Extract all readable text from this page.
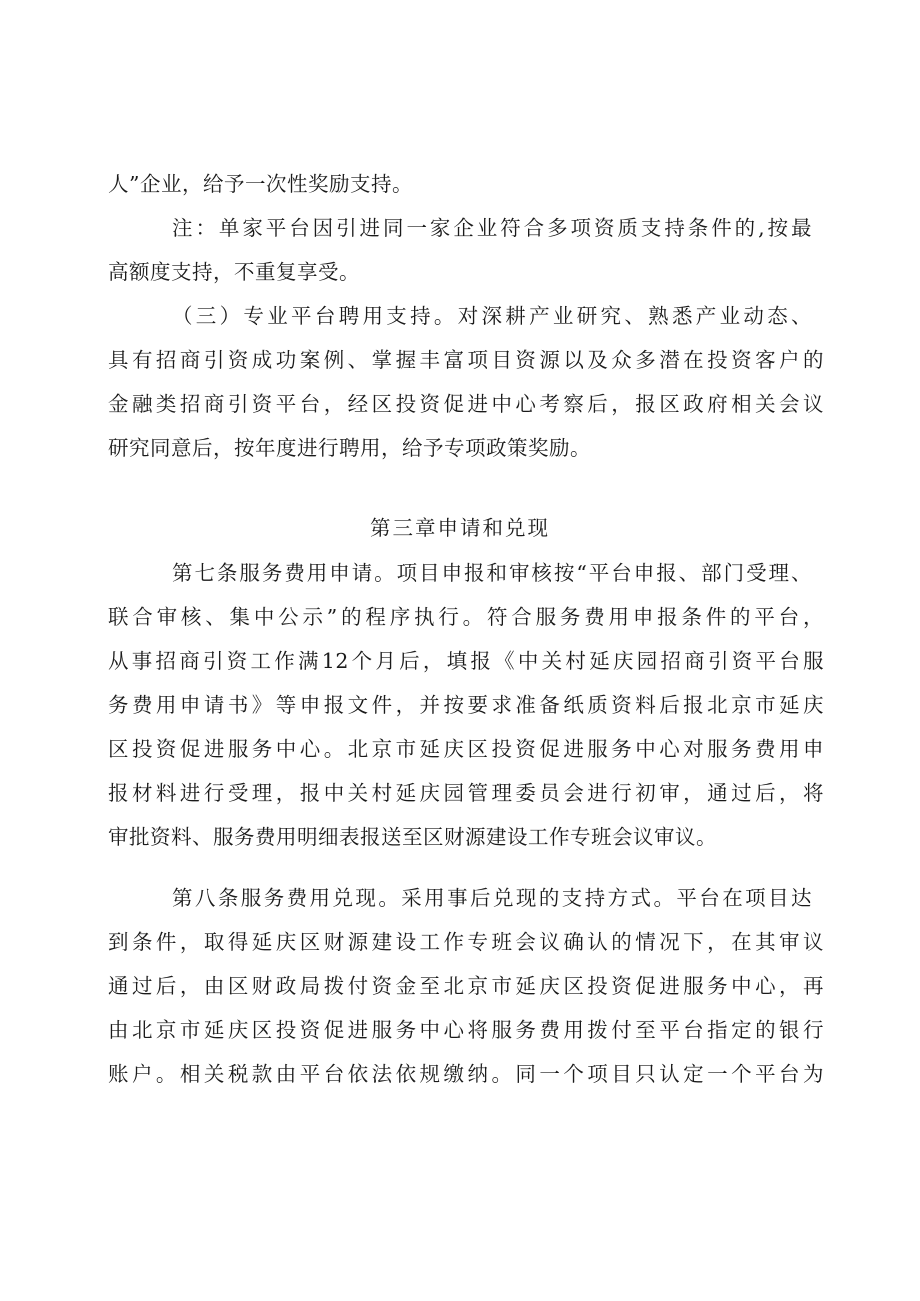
人”企业，给予一次性奖励支持。
注：单家平台因引进同一家企业符合多项资质支持条件的,按最
高额度支持，不重复享受。
（三）专业平台聘用支持。对深耕产业研究、熟悉产业动态、
具有招商引资成功案例、掌握丰富项目资源以及众多潜在投资客户的
金融类招商引资平台，经区投资促进中心考察后，报区政府相关会议
研究同意后，按年度进行聘用，给予专项政策奖励。
第三章申请和兑现
第七条服务费用申请。项目申报和审核按“平台申报、部门受理、
联合审核、集中公示”的程序执行。符合服务费用申报条件的平台，
从事招商引资工作满12个月后，填报《中关村延庆园招商引资平台服
务费用申请书》等申报文件，并按要求准备纸质资料后报北京市延庆
区投资促进服务中心。北京市延庆区投资促进服务中心对服务费用申
报材料进行受理，报中关村延庆园管理委员会进行初审，通过后，将
审批资料、服务费用明细表报送至区财源建设工作专班会议审议。
第八条服务费用兑现。采用事后兑现的支持方式。平台在项目达
到条件，取得延庆区财源建设工作专班会议确认的情况下，在其审议
通过后，由区财政局拨付资金至北京市延庆区投资促进服务中心，再
由北京市延庆区投资促进服务中心将服务费用拨付至平台指定的银行
账户。相关税款由平台依法依规缴纳。同一个项目只认定一个平台为
